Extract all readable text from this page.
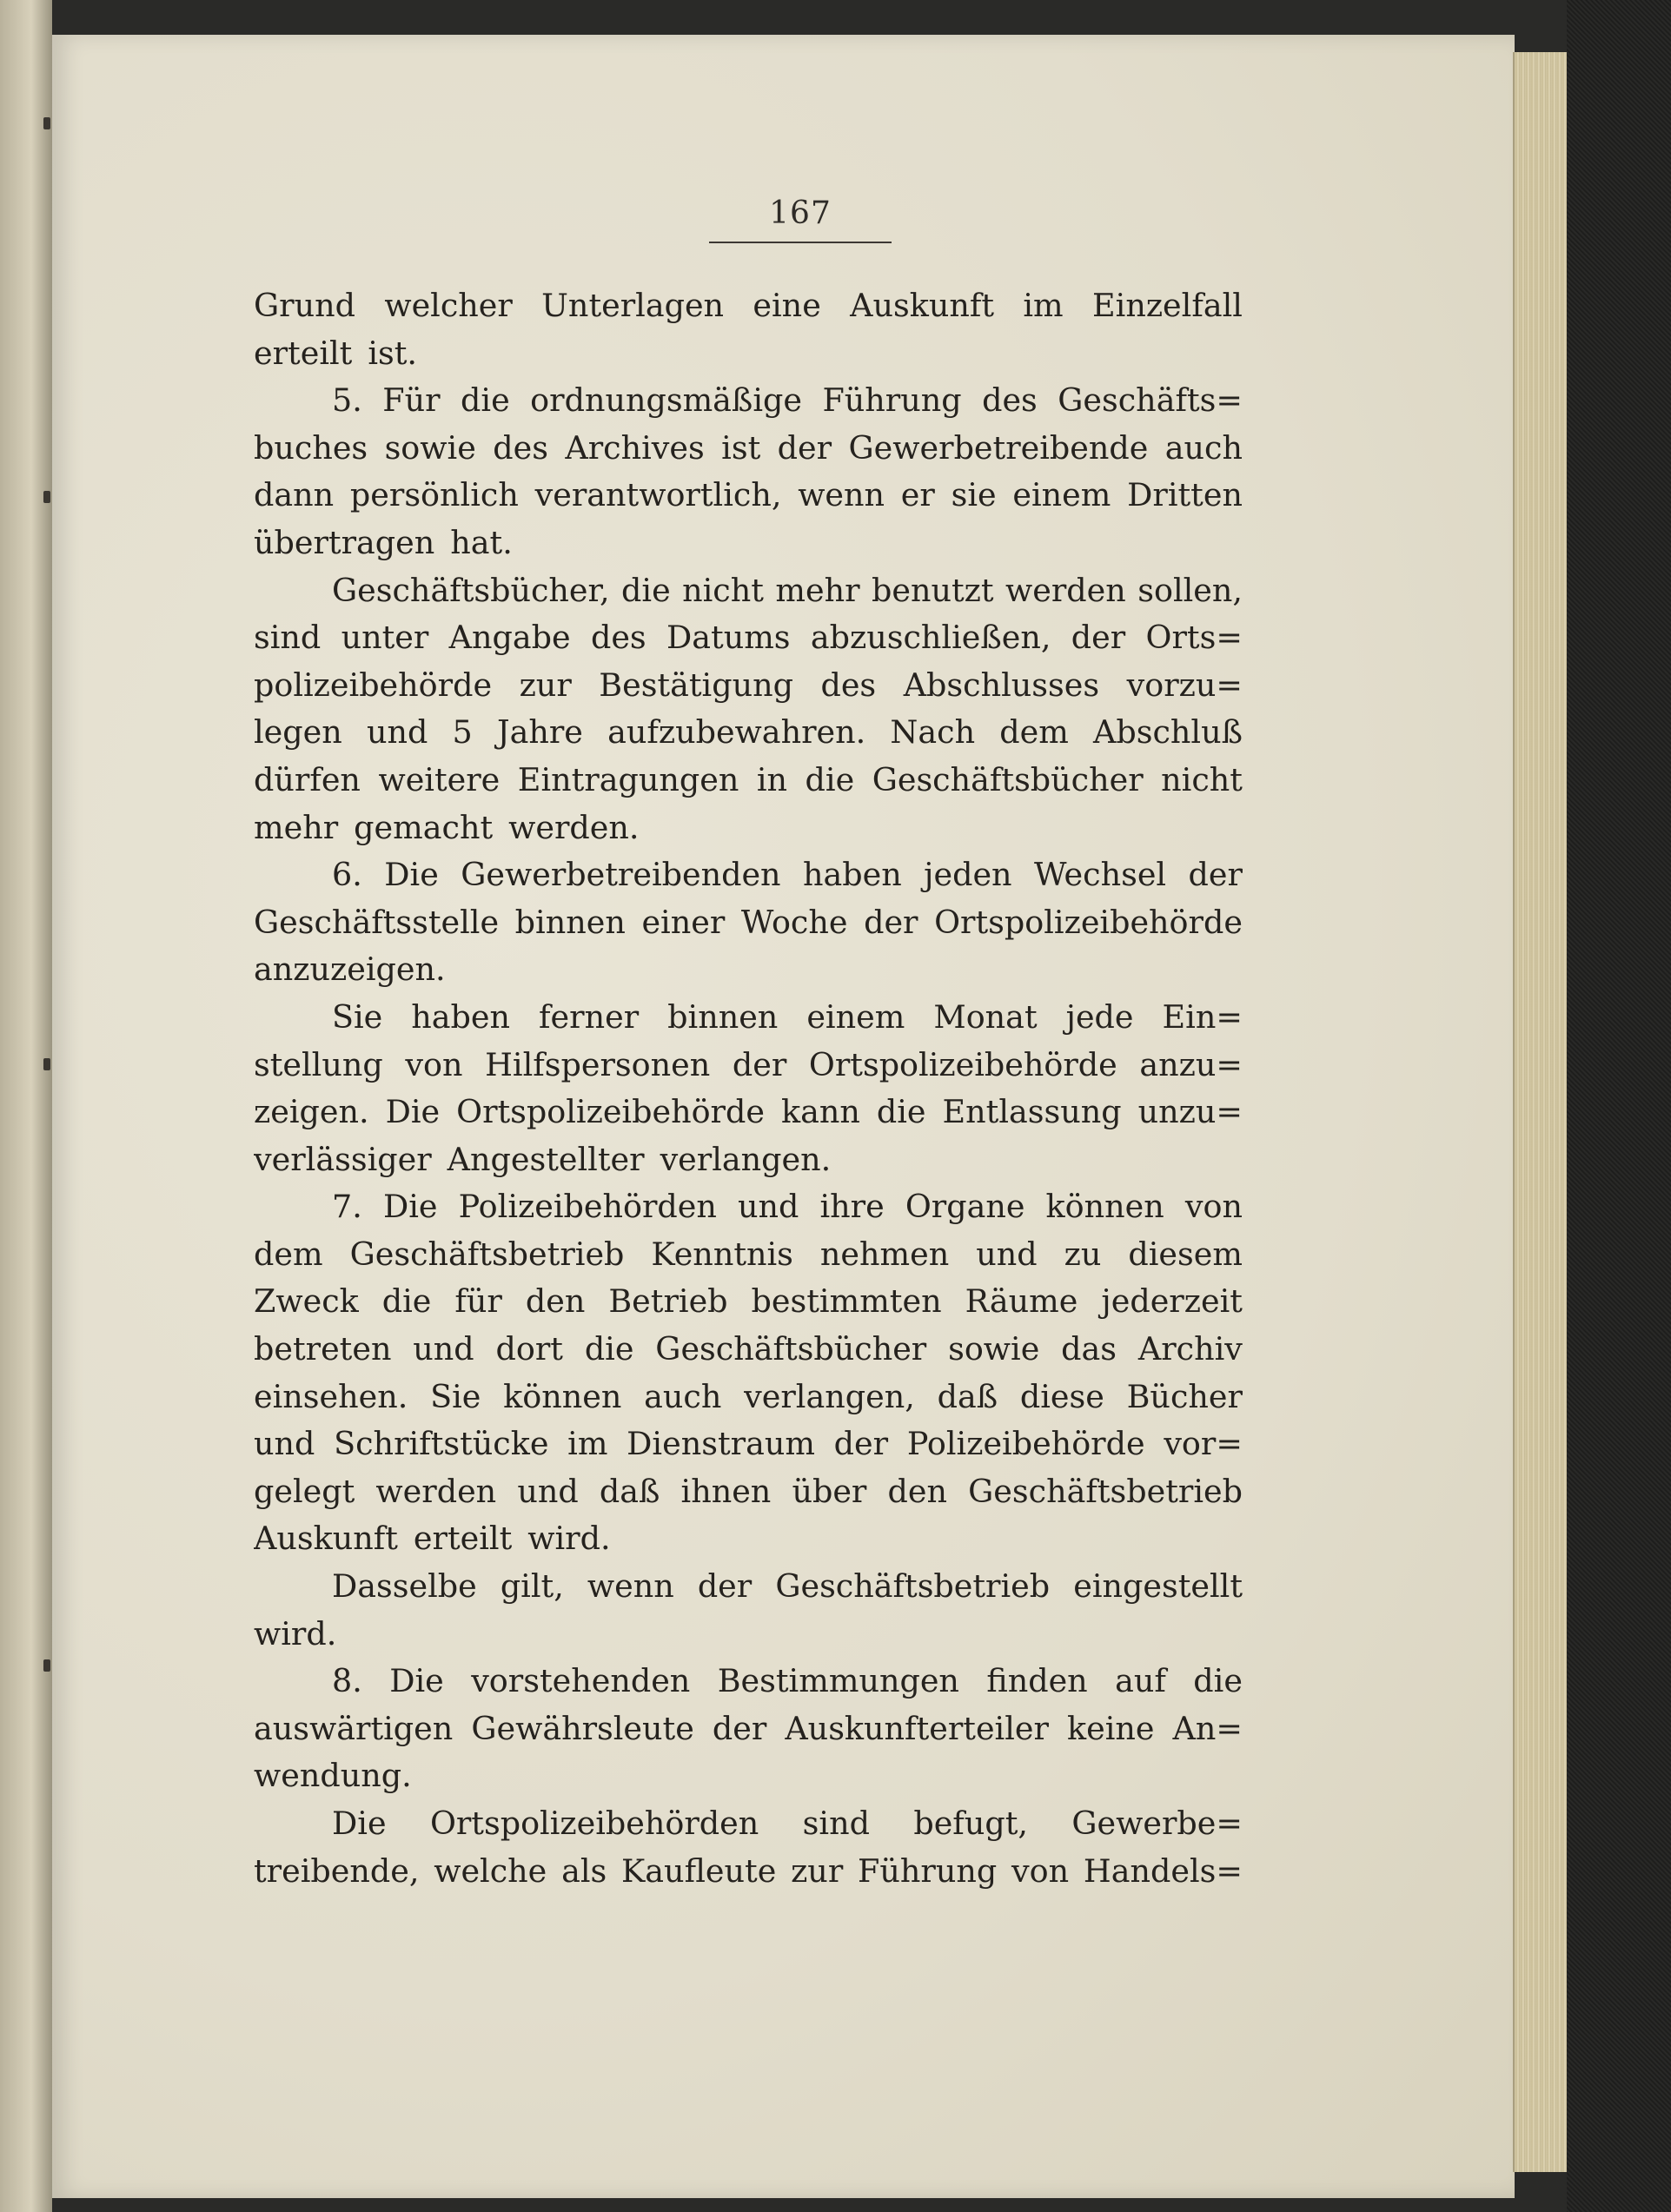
167
Grund welcher Unterlagen eine Auskunft im Einzelfall
erteilt ist.
5. Für die ordnungsmäßige Führung des Geschäfts=
buches sowie des Archives ist der Gewerbetreibende auch
dann persönlich verantwortlich, wenn er sie einem Dritten
übertragen hat.
Geschäftsbücher, die nicht mehr benutzt werden sollen,
sind unter Angabe des Datums abzuschließen, der Orts=
polizeibehörde zur Bestätigung des Abschlusses vorzu=
legen und 5 Jahre aufzubewahren. Nach dem Abschluß
dürfen weitere Eintragungen in die Geschäftsbücher nicht
mehr gemacht werden.
6. Die Gewerbetreibenden haben jeden Wechsel der
Geschäftsstelle binnen einer Woche der Ortspolizeibehörde
anzuzeigen.
Sie haben ferner binnen einem Monat jede Ein=
stellung von Hilfspersonen der Ortspolizeibehörde anzu=
zeigen. Die Ortspolizeibehörde kann die Entlassung unzu=
verlässiger Angestellter verlangen.
7. Die Polizeibehörden und ihre Organe können von
dem Geschäftsbetrieb Kenntnis nehmen und zu diesem
Zweck die für den Betrieb bestimmten Räume jederzeit
betreten und dort die Geschäftsbücher sowie das Archiv
einsehen. Sie können auch verlangen, daß diese Bücher
und Schriftstücke im Dienstraum der Polizeibehörde vor=
gelegt werden und daß ihnen über den Geschäftsbetrieb
Auskunft erteilt wird.
Dasselbe gilt, wenn der Geschäftsbetrieb eingestellt
wird.
8. Die vorstehenden Bestimmungen finden auf die
auswärtigen Gewährsleute der Auskunfterteiler keine An=
wendung.
Die Ortspolizeibehörden sind befugt, Gewerbe=
treibende, welche als Kaufleute zur Führung von Handels=
